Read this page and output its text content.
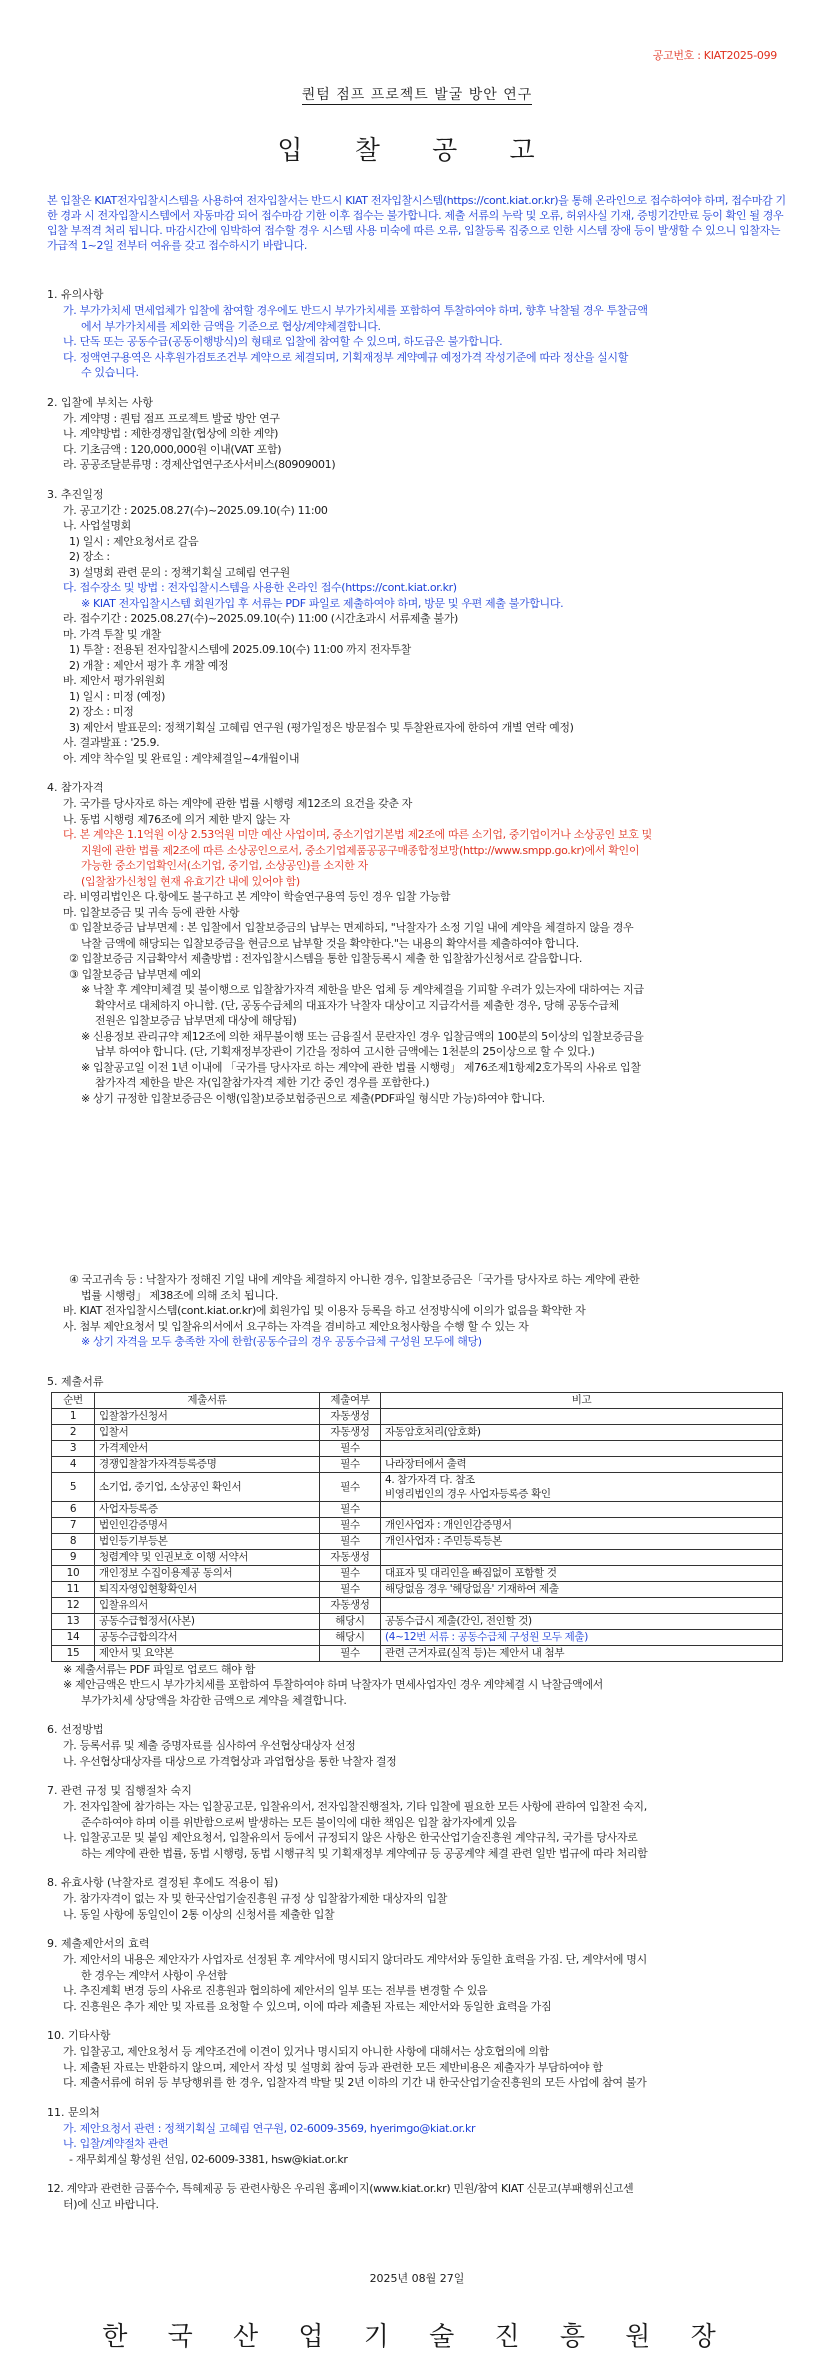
공고번호 : KIAT2025-099
퀀텀 점프 프로젝트 발굴 방안 연구
입 찰 공 고
본 입찰은 KIAT전자입찰시스템을 사용하여 전자입찰서는 반드시 KIAT 전자입찰시스템(https://cont.kiat.or.kr)을 통해 온라인으로 접수하여야 하며, 접수마감 기한 경과 시 전자입찰시스템에서 자동마감 되어 접수마감 기한 이후 접수는 불가합니다. 제출 서류의 누락 및 오류, 허위사실 기재, 증빙기간만료 등이 확인 될 경우 입찰 부적격 처리 됩니다. 마감시간에 임박하여 접수할 경우 시스템 사용 미숙에 따른 오류, 입찰등록 집중으로 인한 시스템 장애 등이 발생할 수 있으니 입찰자는 가급적 1~2일 전부터 여유를 갖고 접수하시기 바랍니다.
1. 유의사항
가. 부가가치세 면세업체가 입찰에 참여할 경우에도 반드시 부가가치세를 포함하여 투찰하여야 하며, 향후 낙찰될 경우 투찰금액
에서 부가가치세를 제외한 금액을 기준으로 협상/계약체결합니다.
나. 단독 또는 공동수급(공동이행방식)의 형태로 입찰에 참여할 수 있으며, 하도급은 불가합니다.
다. 정액연구용역은 사후원가검토조건부 계약으로 체결되며, 기획재정부 계약예규 예정가격 작성기준에 따라 정산을 실시할
수 있습니다.
2. 입찰에 부치는 사항
가. 계약명 : 퀀텀 점프 프로젝트 발굴 방안 연구
나. 계약방법 : 제한경쟁입찰(협상에 의한 계약)
다. 기초금액 : 120,000,000원 이내(VAT 포함)
라. 공공조달분류명 : 경제산업연구조사서비스(80909001)
3. 추진일정
가. 공고기간 : 2025.08.27(수)~2025.09.10(수) 11:00
나. 사업설명회
1) 일시 : 제안요청서로 갈음
2) 장소 :
3) 설명회 관련 문의 : 정책기획실 고혜림 연구원
다. 접수장소 및 방법 : 전자입찰시스템을 사용한 온라인 접수(https://cont.kiat.or.kr)
※ KIAT 전자입찰시스템 회원가입 후 서류는 PDF 파일로 제출하여야 하며, 방문 및 우편 제출 불가합니다.
라. 접수기간 : 2025.08.27(수)~2025.09.10(수) 11:00 (시간초과시 서류제출 불가)
마. 가격 투찰 및 개찰
1) 투찰 : 전용된 전자입찰시스템에 2025.09.10(수) 11:00 까지 전자투찰
2) 개찰 : 제안서 평가 후 개찰 예정
바. 제안서 평가위원회
1) 일시 : 미정 (예정)
2) 장소 : 미정
3) 제안서 발표문의: 정책기획실 고혜림 연구원 (평가일정은 방문접수 및 투찰완료자에 한하여 개별 연락 예정)
사. 결과발표 : '25.9.
아. 계약 착수일 및 완료일 : 계약체결일~4개월이내
4. 참가자격
가. 국가를 당사자로 하는 계약에 관한 법률 시행령 제12조의 요건을 갖춘 자
나. 동법 시행령 제76조에 의거 제한 받지 않는 자
다. 본 계약은 1.1억원 이상 2.53억원 미만 예산 사업이며, 중소기업기본법 제2조에 따른 소기업, 중기업이거나 소상공인 보호 및
지원에 관한 법률 제2조에 따른 소상공인으로서, 중소기업제품공공구매종합정보망(http://www.smpp.go.kr)에서 확인이
가능한 중소기업확인서(소기업, 중기업, 소상공인)를 소지한 자
(입찰참가신청일 현재 유효기간 내에 있어야 함)
라. 비영리법인은 다.항에도 불구하고 본 계약이 학술연구용역 등인 경우 입찰 가능함
마. 입찰보증금 및 귀속 등에 관한 사항
① 입찰보증금 납부면제 : 본 입찰에서 입찰보증금의 납부는 면제하되, "낙찰자가 소정 기일 내에 계약을 체결하지 않을 경우
낙찰 금액에 해당되는 입찰보증금을 현금으로 납부할 것을 확약한다."는 내용의 확약서를 제출하여야 합니다.
② 입찰보증금 지급확약서 제출방법 : 전자입찰시스템을 통한 입찰등록시 제출 한 입찰참가신청서로 갈음합니다.
③ 입찰보증금 납부면제 예외
※ 낙찰 후 계약미체결 및 불이행으로 입찰참가자격 제한을 받은 업체 등 계약체결을 기피할 우려가 있는자에 대하여는 지급
확약서로 대체하지 아니함. (단, 공동수급체의 대표자가 낙찰자 대상이고 지급각서를 제출한 경우, 당해 공동수급체
전원은 입찰보증금 납부면제 대상에 해당됨)
※ 신용정보 관리규약 제12조에 의한 채무불이행 또는 금융질서 문란자인 경우 입찰금액의 100분의 5이상의 입찰보증금을
납부 하여야 합니다. (단, 기획재정부장관이 기간을 정하여 고시한 금액에는 1천분의 25이상으로 할 수 있다.)
※ 입찰공고일 이전 1년 이내에 「국가를 당사자로 하는 계약에 관한 법률 시행령」 제76조제1항제2호가목의 사유로 입찰
참가자격 제한을 받은 자(입찰참가자격 제한 기간 중인 경우를 포함한다.)
※ 상기 규정한 입찰보증금은 이행(입찰)보증보험증권으로 제출(PDF파일 형식만 가능)하여야 합니다.
④ 국고귀속 등 : 낙찰자가 정해진 기일 내에 계약을 체결하지 아니한 경우, 입찰보증금은「국가를 당사자로 하는 계약에 관한
법률 시행령」 제38조에 의해 조치 됩니다.
바. KIAT 전자입찰시스템(cont.kiat.or.kr)에 회원가입 및 이용자 등록을 하고 선정방식에 이의가 없음을 확약한 자
사. 첨부 제안요청서 및 입찰유의서에서 요구하는 자격을 겸비하고 제안요청사항을 수행 할 수 있는 자
※ 상기 자격을 모두 충족한 자에 한함(공동수급의 경우 공동수급체 구성원 모두에 해당)
5. 제출서류
순번	제출서류	제출여부	비고
1	입찰참가신청서	자동생성	
2	입찰서	자동생성	자동암호처리(암호화)
3	가격제안서	필수	
4	경쟁입찰참가자격등록증명	필수	나라장터에서 출력
5	소기업, 중기업, 소상공인 확인서	필수	4. 참가자격 다. 참조
비영리법인의 경우 사업자등록증 확인
6	사업자등록증	필수	
7	법인인감증명서	필수	개인사업자 : 개인인감증명서
8	법인등기부등본	필수	개인사업자 : 주민등록등본
9	청렴계약 및 인권보호 이행 서약서	자동생성	
10	개인정보 수집이용제공 동의서	필수	대표자 및 대리인을 빠짐없이 포함할 것
11	퇴직자영입현황확인서	필수	해당없음 경우 '해당없음' 기재하여 제출
12	입찰유의서	자동생성	
13	공동수급협정서(사본)	해당시	공동수급시 제출(간인, 전인할 것)
14	공동수급합의각서	해당시	(4~12번 서류 : 공동수급체 구성원 모두 제출)
15	제안서 및 요약본	필수	관련 근거자료(실적 등)는 제안서 내 첨부
※ 제출서류는 PDF 파일로 업로드 해야 함
※ 제안금액은 반드시 부가가치세를 포함하여 투찰하여야 하며 낙찰자가 면세사업자인 경우 계약체결 시 낙찰금액에서
부가가치세 상당액을 차감한 금액으로 계약을 체결합니다.
6. 선정방법
가. 등록서류 및 제출 증명자료를 심사하여 우선협상대상자 선정
나. 우선협상대상자를 대상으로 가격협상과 과업협상을 통한 낙찰자 결정
7. 관련 규정 및 집행절차 숙지
가. 전자입찰에 참가하는 자는 입찰공고문, 입찰유의서, 전자입찰진행절차, 기타 입찰에 필요한 모든 사항에 관하여 입찰전 숙지,
준수하여야 하며 이를 위반함으로써 발생하는 모든 불이익에 대한 책임은 입찰 참가자에게 있음
나. 입찰공고문 및 붙임 제안요청서, 입찰유의서 등에서 규정되지 않은 사항은 한국산업기술진흥원 계약규칙, 국가를 당사자로
하는 계약에 관한 법률, 동법 시행령, 동법 시행규칙 및 기획재정부 계약예규 등 공공계약 체결 관련 일반 법규에 따라 처리함
8. 유효사항 (낙찰자로 결정된 후에도 적용이 됨)
가. 참가자격이 없는 자 및 한국산업기술진흥원 규정 상 입찰참가제한 대상자의 입찰
나. 동일 사항에 동일인이 2통 이상의 신청서를 제출한 입찰
9. 제출제안서의 효력
가. 제안서의 내용은 제안자가 사업자로 선정된 후 계약서에 명시되지 않더라도 계약서와 동일한 효력을 가짐. 단, 계약서에 명시
한 경우는 계약서 사항이 우선함
나. 추진계획 변경 등의 사유로 진흥원과 협의하에 제안서의 일부 또는 전부를 변경할 수 있음
다. 진흥원은 추가 제안 및 자료를 요청할 수 있으며, 이에 따라 제출된 자료는 제안서와 동일한 효력을 가짐
10. 기타사항
가. 입찰공고, 제안요청서 등 계약조건에 이견이 있거나 명시되지 아니한 사항에 대해서는 상호협의에 의함
나. 제출된 자료는 반환하지 않으며, 제안서 작성 및 설명회 참여 등과 관련한 모든 제반비용은 제출자가 부담하여야 함
다. 제출서류에 허위 등 부당행위를 한 경우, 입찰자격 박탈 및 2년 이하의 기간 내 한국산업기술진흥원의 모든 사업에 참여 불가
11. 문의처
가. 제안요청서 관련 : 정책기획실 고혜림 연구원, 02-6009-3569, hyerimgo@kiat.or.kr
나. 입찰/계약절차 관련
- 재무회계실 황성원 선임, 02-6009-3381, hsw@kiat.or.kr
12. 계약과 관련한 금품수수, 특혜제공 등 관련사항은 우리원 홈페이지(www.kiat.or.kr) 민원/참여 KIAT 신문고(부패행위신고센
터)에 신고 바랍니다.
2025년 08월 27일
한 국 산 업 기 술 진 흥 원 장
